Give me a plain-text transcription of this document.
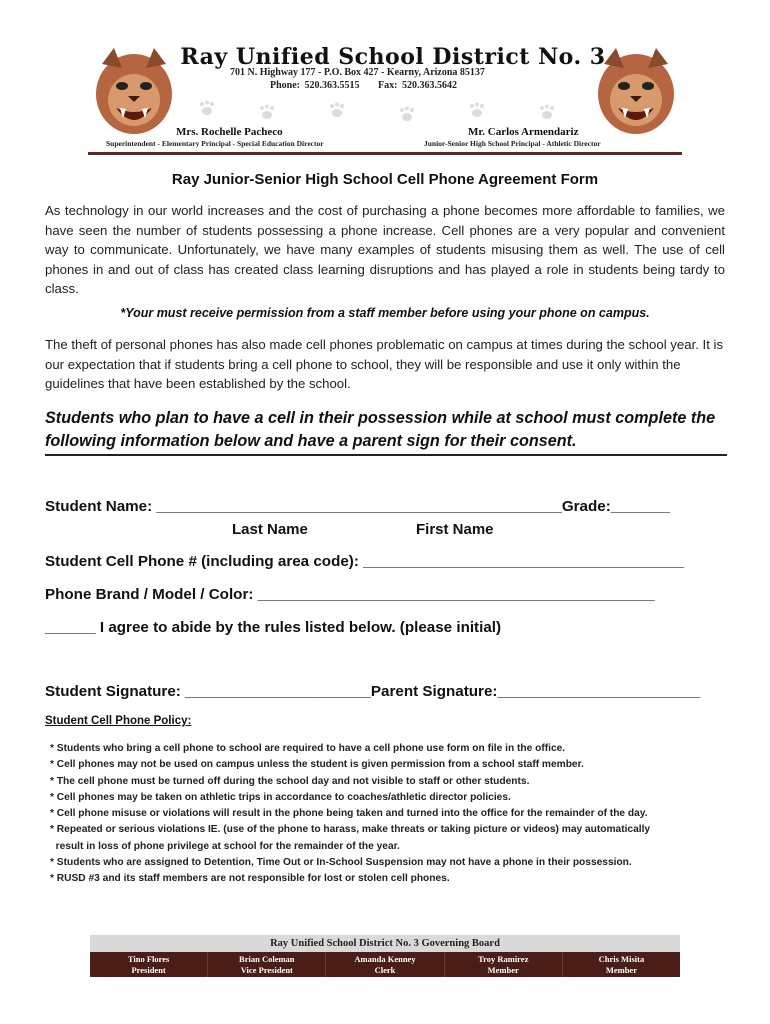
Ray Unified School District No. 3
701 N. Highway 177 - P.O. Box 427 - Kearny, Arizona 85137
Phone: 520.363.5515 Fax: 520.363.5642
Mrs. Rochelle Pacheco	Mr. Carlos Armendariz
Superintendent - Elementary Principal - Special Education Director	Junior-Senior High School Principal - Athletic Director
Ray Junior-Senior High School Cell Phone Agreement Form
As technology in our world increases and the cost of purchasing a phone becomes more affordable to families, we have seen the number of students possessing a phone increase. Cell phones are a very popular and convenient way to communicate. Unfortunately, we have many examples of students misusing them as well. The use of cell phones in and out of class has created class learning disruptions and has played a role in students being tardy to class.
*Your must receive permission from a staff member before using your phone on campus.
The theft of personal phones has also made cell phones problematic on campus at times during the school year. It is our expectation that if students bring a cell phone to school, they will be responsible and use it only within the guidelines that have been established by the school.
Students who plan to have a cell in their possession while at school must complete the following information below and have a parent sign for their consent.
Student Name: ________________________________________________Grade:_______
Last Name	First Name
Student Cell Phone # (including area code): ______________________________________
Phone Brand / Model / Color: _______________________________________________
______ I agree to abide by the rules listed below. (please initial)
Student Signature: ______________________Parent Signature:________________________
Student Cell Phone Policy:
* Students who bring a cell phone to school are required to have a cell phone use form on file in the office.
* Cell phones may not be used on campus unless the student is given permission from a school staff member.
* The cell phone must be turned off during the school day and not visible to staff or other students.
* Cell phones may be taken on athletic trips in accordance to coaches/athletic director policies.
* Cell phone misuse or violations will result in the phone being taken and turned into the office for the remainder of the day.
* Repeated or serious violations IE. (use of the phone to harass, make threats or taking picture or videos) may automatically
result in loss of phone privilege at school for the remainder of the year.
* Students who are assigned to Detention, Time Out or In-School Suspension may not have a phone in their possession.
* RUSD #3 and its staff members are not responsible for lost or stolen cell phones.
Ray Unified School District No. 3 Governing Board
Tino Flores
President
Brian Coleman
Vice President
Amanda Kenney
Clerk
Troy Ramirez
Member
Chris Misita
Member
